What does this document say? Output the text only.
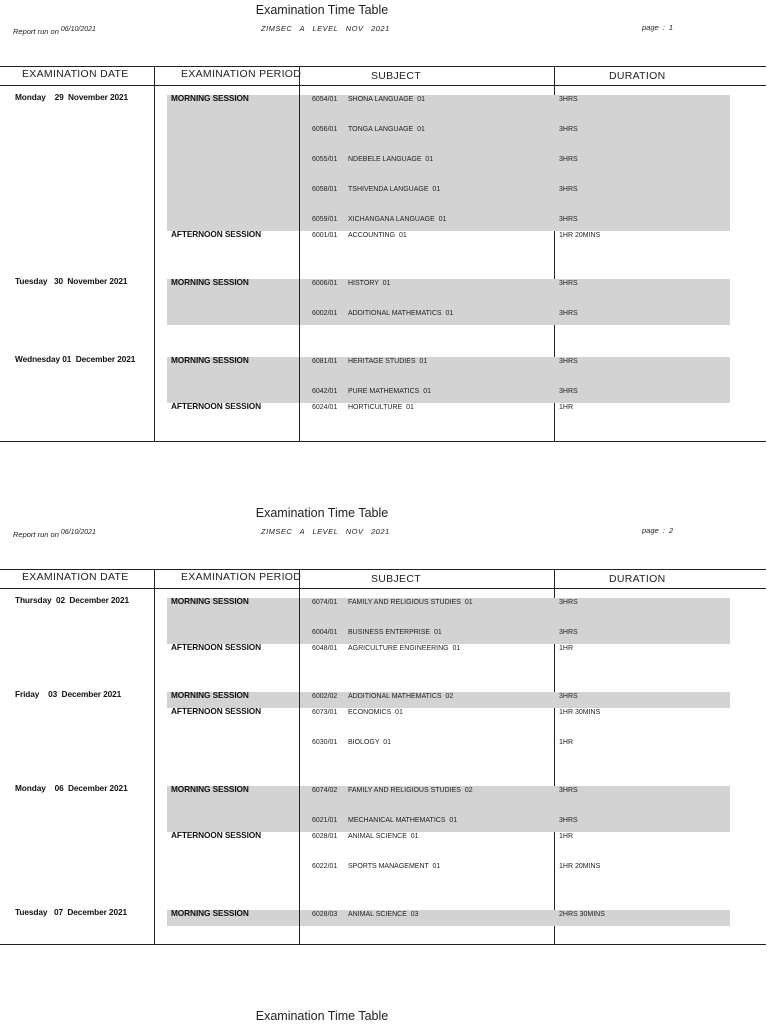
Examination Time Table
Report run on 06/10/2021	ZIMSEC A LEVEL NOV 2021	page : 1
EXAMINATION DATE	EXAMINATION PERIOD	SUBJECT	DURATION
Monday    29  November 2021	MORNING SESSION	6054/01 SHONA LANGUAGE  01	3HRS
6056/01 TONGA LANGUAGE  01	3HRS
6055/01 NDEBELE LANGUAGE  01	3HRS
6058/01 TSHIVENDA LANGUAGE  01	3HRS
6059/01 XICHANGANA LANGUAGE  01	3HRS
AFTERNOON SESSION	6001/01 ACCOUNTING  01	1HR 20MINS
Tuesday   30  November 2021	MORNING SESSION	6006/01 HISTORY  01	3HRS
6002/01 ADDITIONAL MATHEMATICS  01	3HRS
Wednesday 01  December 2021	MORNING SESSION	6081/01 HERITAGE STUDIES  01	3HRS
6042/01 PURE MATHEMATICS  01	3HRS
AFTERNOON SESSION	6024/01 HORTICULTURE  01	1HR
Examination Time Table
Report run on 06/10/2021	ZIMSEC A LEVEL NOV 2021	page : 2
EXAMINATION DATE	EXAMINATION PERIOD	SUBJECT	DURATION
Thursday  02  December 2021	MORNING SESSION	6074/01 FAMILY AND RELIGIOUS STUDIES  01	3HRS
6004/01 BUSINESS ENTERPRISE  01	3HRS
AFTERNOON SESSION	6048/01 AGRICULTURE ENGINEERING  01	1HR
Friday    03  December 2021	MORNING SESSION	6002/02 ADDITIONAL MATHEMATICS  02	3HRS
AFTERNOON SESSION	6073/01 ECONOMICS  01	1HR 30MINS
6030/01 BIOLOGY  01	1HR
Monday    06  December 2021	MORNING SESSION	6074/02 FAMILY AND RELIGIOUS STUDIES  02	3HRS
6021/01 MECHANICAL MATHEMATICS  01	3HRS
AFTERNOON SESSION	6028/01 ANIMAL SCIENCE  01	1HR
6022/01 SPORTS MANAGEMENT  01	1HR 20MINS
Tuesday   07  December 2021	MORNING SESSION	6028/03 ANIMAL SCIENCE  03	2HRS 30MINS
Examination Time Table
